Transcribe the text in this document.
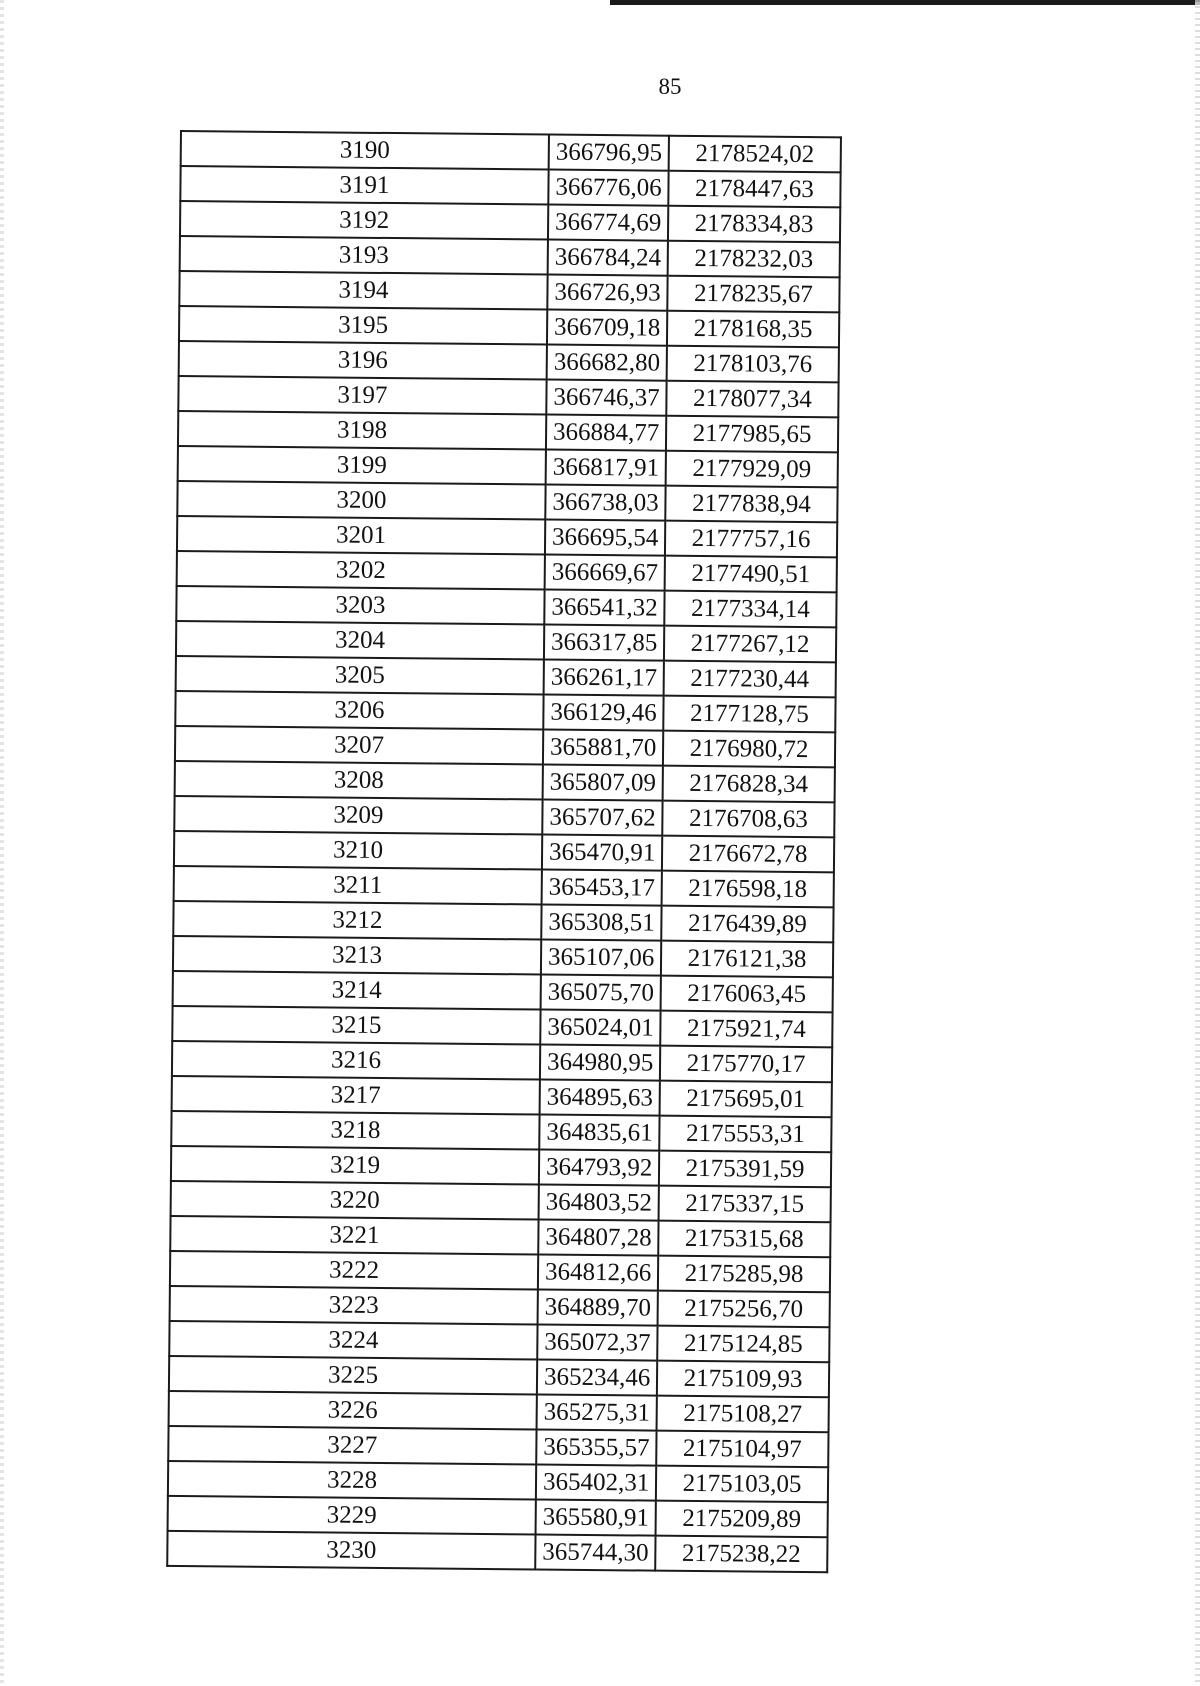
85
3190	366796,95	2178524,02
3191	366776,06	2178447,63
3192	366774,69	2178334,83
3193	366784,24	2178232,03
3194	366726,93	2178235,67
3195	366709,18	2178168,35
3196	366682,80	2178103,76
3197	366746,37	2178077,34
3198	366884,77	2177985,65
3199	366817,91	2177929,09
3200	366738,03	2177838,94
3201	366695,54	2177757,16
3202	366669,67	2177490,51
3203	366541,32	2177334,14
3204	366317,85	2177267,12
3205	366261,17	2177230,44
3206	366129,46	2177128,75
3207	365881,70	2176980,72
3208	365807,09	2176828,34
3209	365707,62	2176708,63
3210	365470,91	2176672,78
3211	365453,17	2176598,18
3212	365308,51	2176439,89
3213	365107,06	2176121,38
3214	365075,70	2176063,45
3215	365024,01	2175921,74
3216	364980,95	2175770,17
3217	364895,63	2175695,01
3218	364835,61	2175553,31
3219	364793,92	2175391,59
3220	364803,52	2175337,15
3221	364807,28	2175315,68
3222	364812,66	2175285,98
3223	364889,70	2175256,70
3224	365072,37	2175124,85
3225	365234,46	2175109,93
3226	365275,31	2175108,27
3227	365355,57	2175104,97
3228	365402,31	2175103,05
3229	365580,91	2175209,89
3230	365744,30	2175238,22
